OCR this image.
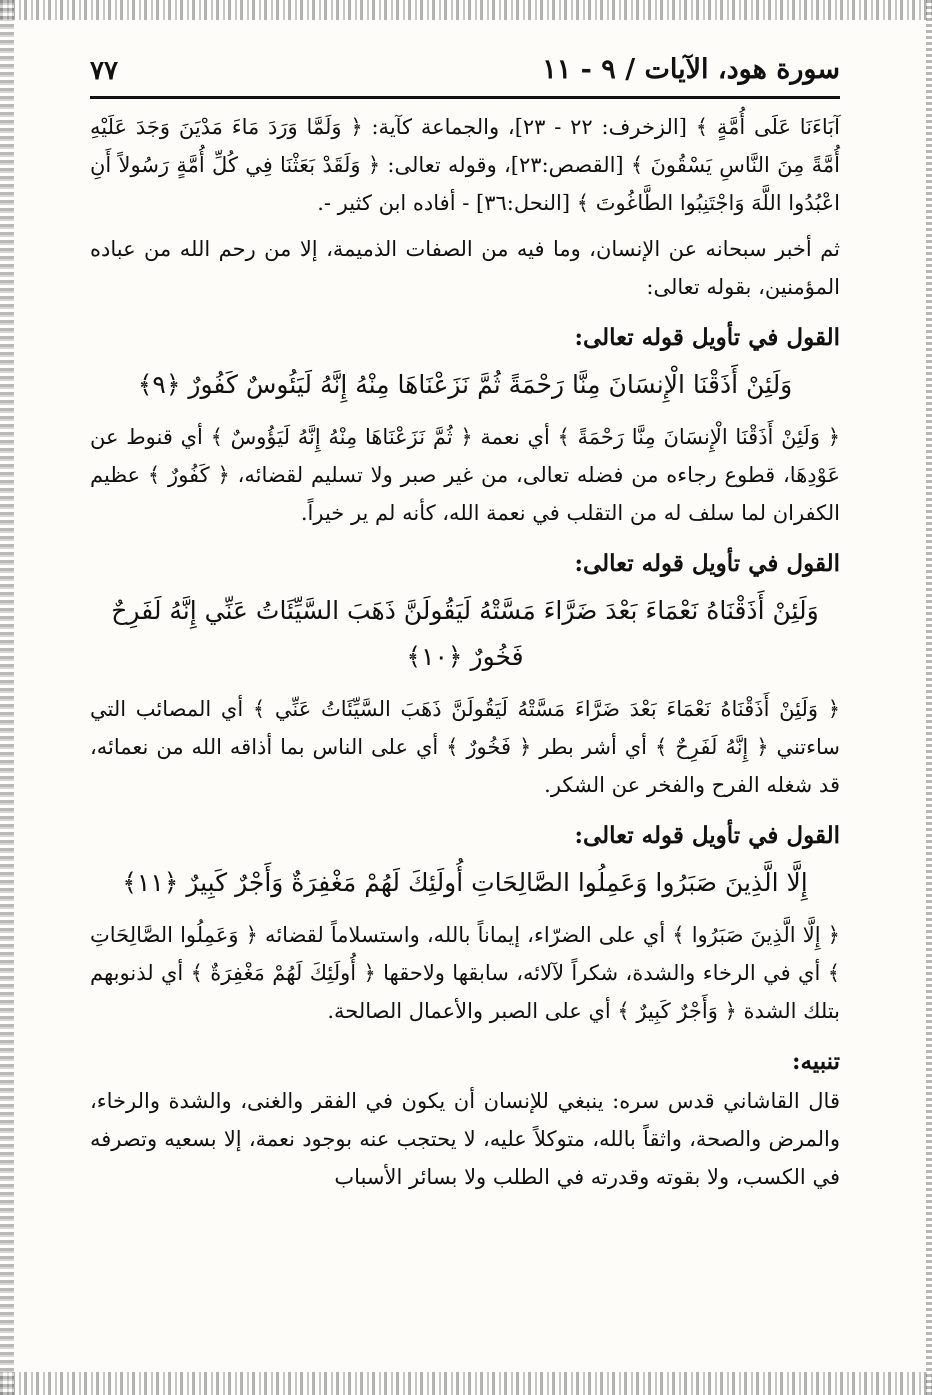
٧٧	سورة هود، الآيات / ٩ - ١١

آبَاءَنَا عَلَى أُمَّةٍ ﴾ [الزخرف: ٢٢ - ٢٣]، والجماعة كآية: ﴿ وَلَمَّا وَرَدَ مَاءَ مَدْيَنَ وَجَدَ عَلَيْهِ أُمَّةً مِنَ النَّاسِ يَسْقُونَ ﴾ [القصص:٢٣]، وقوله تعالى: ﴿ وَلَقَدْ بَعَثْنَا فِي كُلِّ أُمَّةٍ رَسُولاً أَنِ اعْبُدُوا اللَّهَ وَاجْتَنِبُوا الطَّاغُوتَ ﴾ [النحل:٣٦] - أفاده ابن كثير -.

ثم أخبر سبحانه عن الإنسان، وما فيه من الصفات الذميمة، إلا من رحم الله من عباده المؤمنين، بقوله تعالى:

القول في تأويل قوله تعالى:
وَلَئِنْ أَذَقْنَا الْإِنسَانَ مِنَّا رَحْمَةً ثُمَّ نَزَعْنَاهَا مِنْهُ إِنَّهُ لَيَئُوسٌ كَفُورٌ ﴿٩﴾

﴿ وَلَئِنْ أَذَقْنَا الْإِنسَانَ مِنَّا رَحْمَةً ﴾ أي نعمة ﴿ ثُمَّ نَزَعْنَاهَا مِنْهُ إِنَّهُ لَيَؤُوسٌ ﴾ أي قنوط عن عَوْدِهَا، قطوع رجاءه من فضله تعالى، من غير صبر ولا تسليم لقضائه، ﴿ كَفُورٌ ﴾ عظيم الكفران لما سلف له من التقلب في نعمة الله، كأنه لم ير خيراً.

القول في تأويل قوله تعالى:
وَلَئِنْ أَذَقْنَاهُ نَعْمَاءَ بَعْدَ ضَرَّاءَ مَسَّتْهُ لَيَقُولَنَّ ذَهَبَ السَّيِّئَاتُ عَنِّي إِنَّهُ لَفَرِحٌ فَخُورٌ ﴿١٠﴾

﴿ وَلَئِنْ أَذَقْنَاهُ نَعْمَاءَ بَعْدَ ضَرَّاءَ مَسَّتْهُ لَيَقُولَنَّ ذَهَبَ السَّيِّئَاتُ عَنِّي ﴾ أي المصائب التي ساءتني ﴿ إِنَّهُ لَفَرِحٌ ﴾ أي أشر بطر ﴿ فَخُورٌ ﴾ أي على الناس بما أذاقه الله من نعمائه، قد شغله الفرح والفخر عن الشكر.

القول في تأويل قوله تعالى:
إِلَّا الَّذِينَ صَبَرُوا وَعَمِلُوا الصَّالِحَاتِ أُولَئِكَ لَهُمْ مَغْفِرَةٌ وَأَجْرٌ كَبِيرٌ ﴿١١﴾

﴿ إِلَّا الَّذِينَ صَبَرُوا ﴾ أي على الضرّاء، إيماناً بالله، واستسلاماً لقضائه ﴿ وَعَمِلُوا الصَّالِحَاتِ ﴾ أي في الرخاء والشدة، شكراً لآلائه، سابقها ولاحقها ﴿ أُولَئِكَ لَهُمْ مَغْفِرَةٌ ﴾ أي لذنوبهم بتلك الشدة ﴿ وَأَجْرٌ كَبِيرٌ ﴾ أي على الصبر والأعمال الصالحة.

تنبيه:

قال القاشاني قدس سره: ينبغي للإنسان أن يكون في الفقر والغنى، والشدة والرخاء، والمرض والصحة، واثقاً بالله، متوكلاً عليه، لا يحتجب عنه بوجود نعمة، إلا بسعيه وتصرفه في الكسب، ولا بقوته وقدرته في الطلب ولا بسائر الأسباب
